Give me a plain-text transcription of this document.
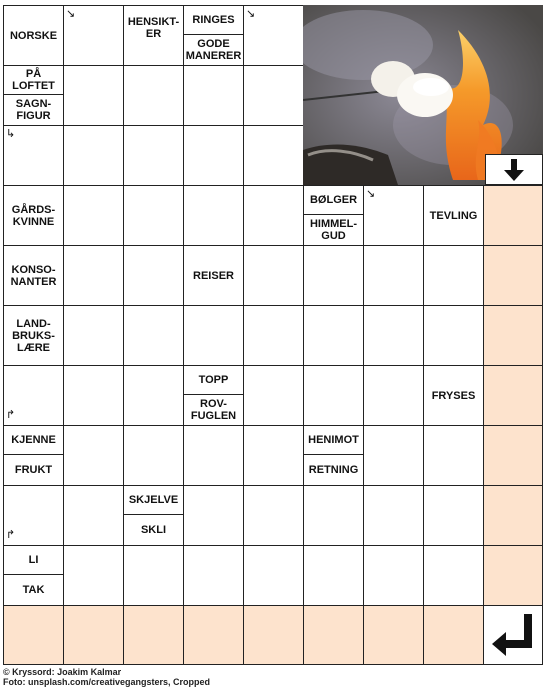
NORSKE
↘
HENSIKT-
ER
RINGES
GODE
MANERER
↘
PÅ
LOFTET
SAGN-
FIGUR
↳
GÅRDS-
KVINNE
BØLGER
HIMMEL-
GUD
↘
TEVLING
KONSO-
NANTER	REISER
LAND-
BRUKS-
LÆRE
↱
TOPP
ROV-
FUGLEN
FRYSES
KJENNE
FRUKT
HENIMOT
RETNING
↱
SKJELVE
SKLI
LI
TAK
© Kryssord: Joakim Kalmar
Foto: unsplash.com/creativegangsters, Cropped
